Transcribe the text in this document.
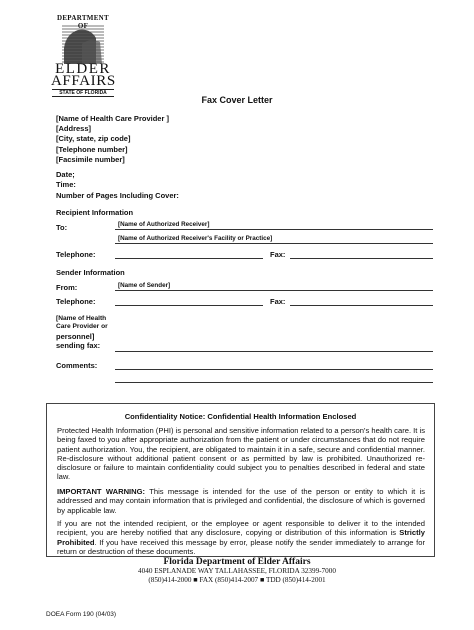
DEPARTMENT OF
ELDER
AFFAIRS
STATE OF FLORIDA
Fax Cover Letter
[Name of Health Care Provider ]
[Address]
[City, state, zip code]
[Telephone number]
[Facsimile number]
Date;
Time:
Number of Pages Including Cover:
Recipient Information
To:	[Name of Authorized Receiver]
[Name of Authorized Receiver's Facility or Practice]
Telephone:	Fax:
Sender Information
From:	[Name of Sender]
Telephone:	Fax:
[Name of Health
Care Provider or
personnel]
sending fax:
Comments:
Confidentiality Notice: Confidential Health Information Enclosed
Protected Health Information (PHI) is personal and sensitive information related to a person's health care. It is being faxed to you after appropriate authorization from the patient or under circumstances that do not require patient authorization. You, the recipient, are obligated to maintain it in a safe, secure and confidential manner. Re-disclosure without additional patient consent or as permitted by law is prohibited. Unauthorized re-disclosure or failure to maintain confidentiality could subject you to penalties described in federal and state law.
IMPORTANT WARNING: This message is intended for the use of the person or entity to which it is addressed and may contain information that is privileged and confidential, the disclosure of which is governed by applicable law.
If you are not the intended recipient, or the employee or agent responsible to deliver it to the intended recipient, you are hereby notified that any disclosure, copying or distribution of this information is Strictly Prohibited. If you have received this message by error, please notify the sender immediately to arrange for return or destruction of these documents.
Florida Department of Elder Affairs
4040 ESPLANADE WAY TALLAHASSEE, FLORIDA 32399-7000
(850)414-2000 ■ FAX (850)414-2007 ■ TDD (850)414-2001
DOEA Form 190 (04/03)
